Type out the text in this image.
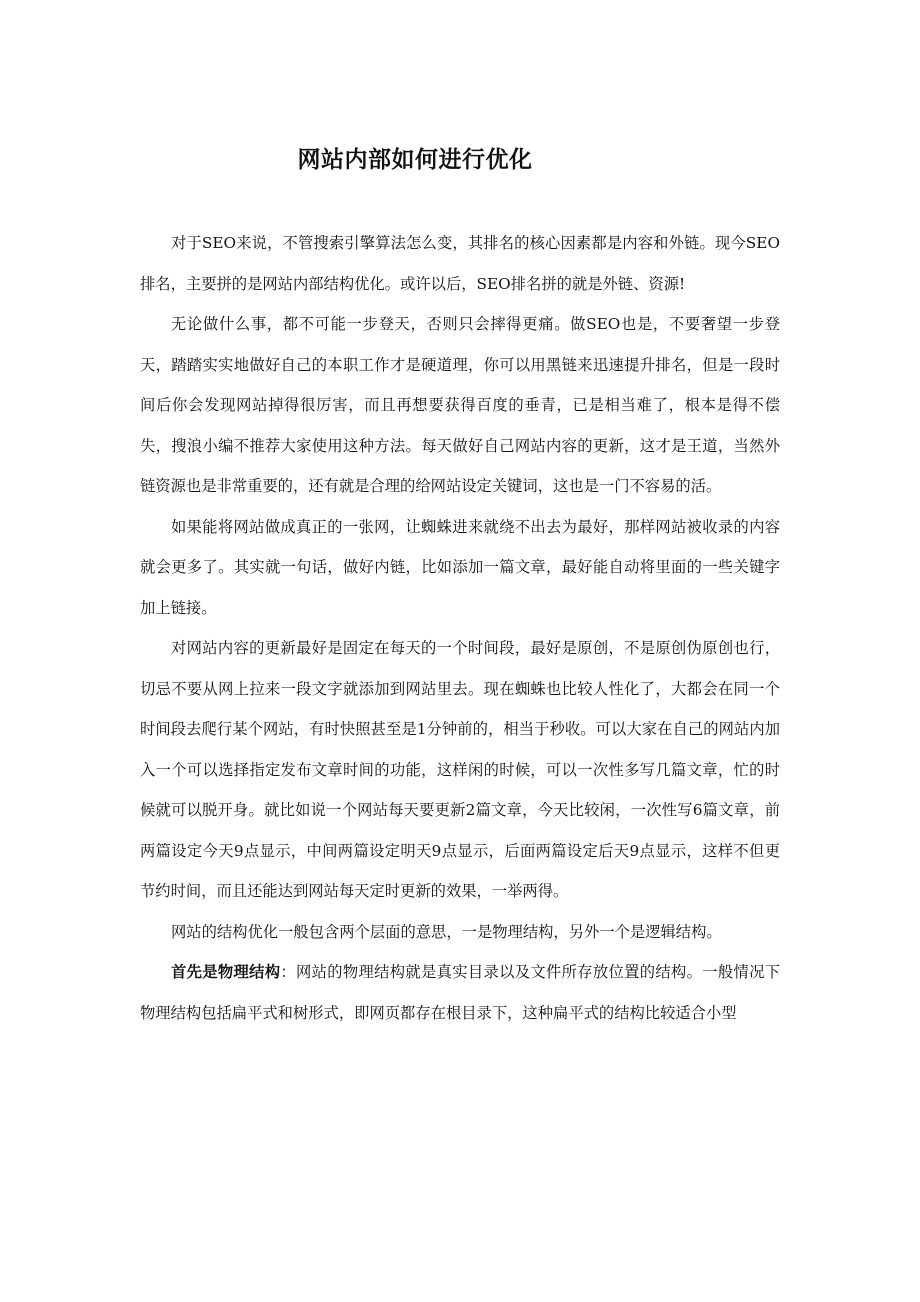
网站内部如何进行优化

对于SEO来说，不管搜索引擎算法怎么变，其排名的核心因素都是内容和外链。现今SEO排名，主要拼的是网站内部结构优化。或许以后，SEO排名拼的就是外链、资源!

无论做什么事，都不可能一步登天，否则只会摔得更痛。做SEO也是，不要奢望一步登天，踏踏实实地做好自己的本职工作才是硬道理，你可以用黑链来迅速提升排名，但是一段时间后你会发现网站掉得很厉害，而且再想要获得百度的垂青，已是相当难了，根本是得不偿失，搜浪小编不推荐大家使用这种方法。每天做好自己网站内容的更新，这才是王道，当然外链资源也是非常重要的，还有就是合理的给网站设定关键词，这也是一门不容易的活。

如果能将网站做成真正的一张网，让蜘蛛进来就绕不出去为最好，那样网站被收录的内容就会更多了。其实就一句话，做好内链，比如添加一篇文章，最好能自动将里面的一些关键字加上链接。

对网站内容的更新最好是固定在每天的一个时间段，最好是原创，不是原创伪原创也行，切忌不要从网上拉来一段文字就添加到网站里去。现在蜘蛛也比较人性化了，大都会在同一个时间段去爬行某个网站，有时快照甚至是1分钟前的，相当于秒收。可以大家在自己的网站内加入一个可以选择指定发布文章时间的功能，这样闲的时候，可以一次性多写几篇文章，忙的时候就可以脱开身。就比如说一个网站每天要更新2篇文章，今天比较闲，一次性写6篇文章，前两篇设定今天9点显示，中间两篇设定明天9点显示，后面两篇设定后天9点显示，这样不但更节约时间，而且还能达到网站每天定时更新的效果，一举两得。

网站的结构优化一般包含两个层面的意思，一是物理结构，另外一个是逻辑结构。

首先是物理结构：网站的物理结构就是真实目录以及文件所存放位置的结构。一般情况下物理结构包括扁平式和树形式，即网页都存在根目录下，这种扁平式的结构比较适合小型
